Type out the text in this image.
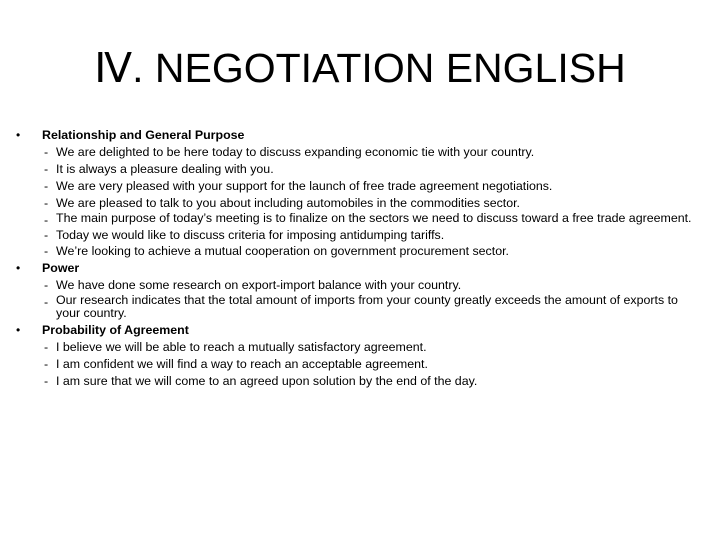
Ⅳ. NEGOTIATION ENGLISH
• Relationship and General Purpose
- We are delighted to be here today to discuss expanding economic tie with your country.
- It is always a pleasure dealing with you.
- We are very pleased with your support for the launch of free trade agreement negotiations.
- We are pleased to talk to you about including automobiles in the commodities sector.
- The main purpose of today’s meeting is to finalize on the sectors we need to discuss toward a free trade agreement.
- Today we would like to discuss criteria for imposing antidumping tariffs.
- We’re looking to achieve a mutual cooperation on government procurement sector.
• Power
- We have done some research on export-import balance with your country.
- Our research indicates that the total amount of imports from your county greatly exceeds the amount of exports to your country.
• Probability of Agreement
- I believe we will be able to reach a mutually satisfactory agreement.
- I am confident we will find a way to reach an acceptable agreement.
- I am sure that we will come to an agreed upon solution by the end of the day.
